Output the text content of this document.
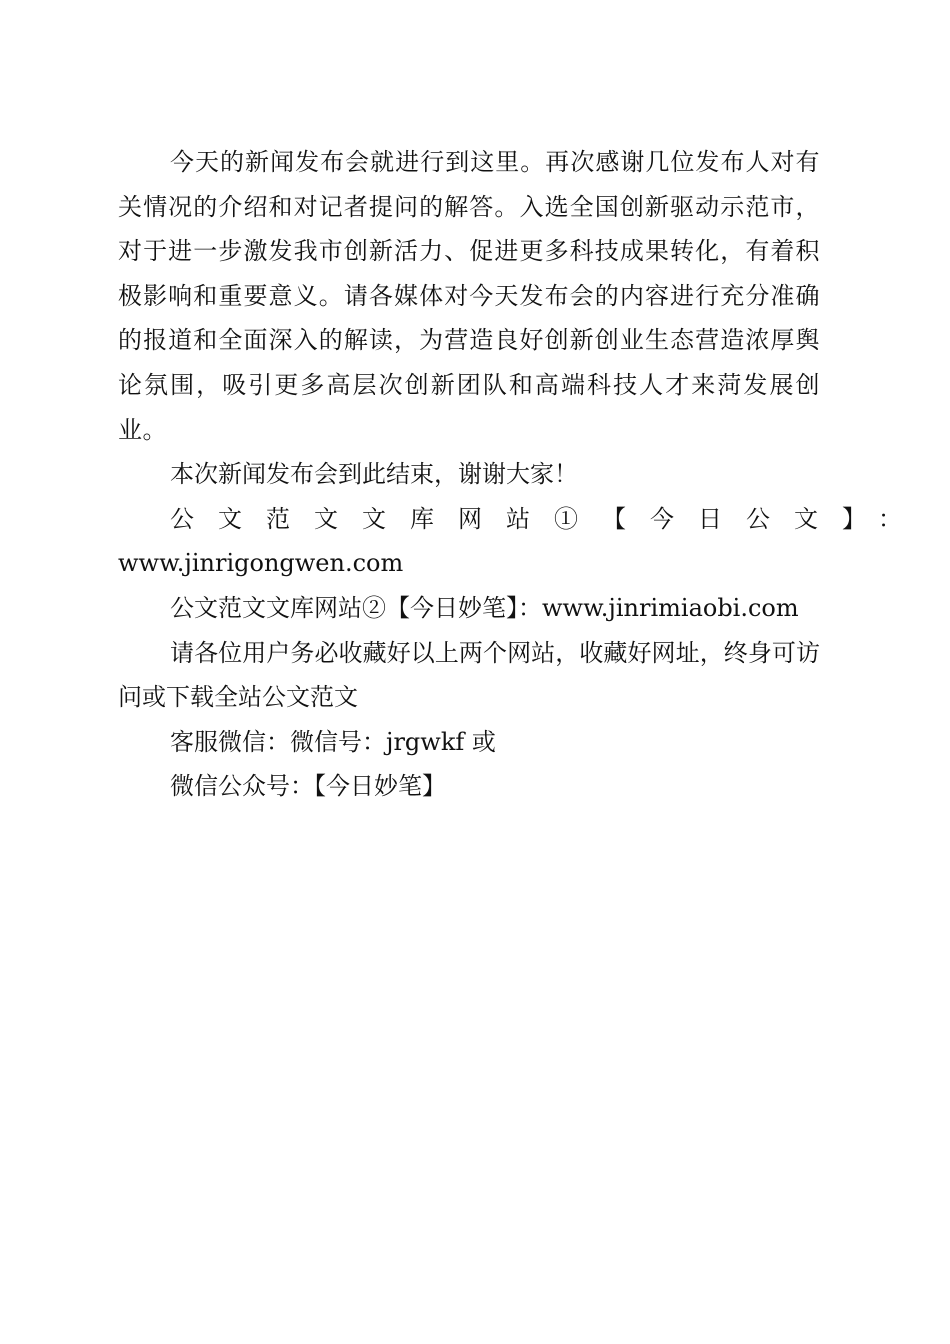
今天的新闻发布会就进行到这里。再次感谢几位发布人对有关情况的介绍和对记者提问的解答。入选全国创新驱动示范市，对于进一步激发我市创新活力、促进更多科技成果转化，有着积极影响和重要意义。请各媒体对今天发布会的内容进行充分准确的报道和全面深入的解读，为营造良好创新创业生态营造浓厚舆论氛围，吸引更多高层次创新团队和高端科技人才来菏发展创业。

本次新闻发布会到此结束，谢谢大家！

公文范文文库网站①【今日公文】：

www.jinrigongwen.com

公文范文文库网站②【今日妙笔】：www.jinrimiaobi.com

请各位用户务必收藏好以上两个网站，收藏好网址，终身可访问或下载全站公文范文

客服微信：微信号：jrgwkf 或

微信公众号：【今日妙笔】
